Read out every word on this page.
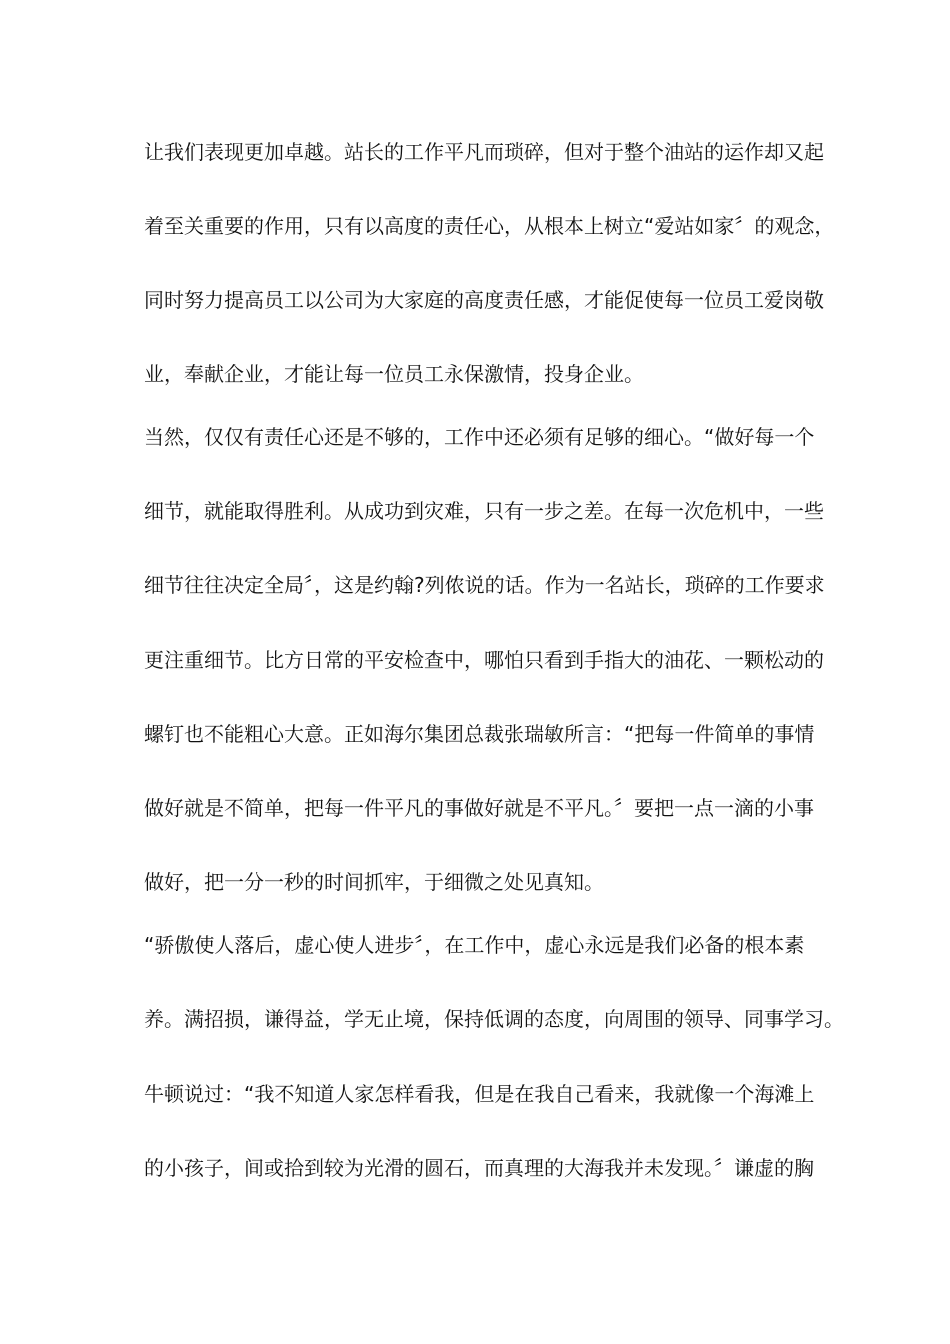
让我们表现更加卓越。站长的工作平凡而琐碎，但对于整个油站的运作却又起
着至关重要的作用，只有以高度的责任心，从根本上树立“爱站如家〞的观念，
同时努力提高员工以公司为大家庭的高度责任感，才能促使每一位员工爱岗敬
业，奉献企业，才能让每一位员工永保激情，投身企业。
当然，仅仅有责任心还是不够的，工作中还必须有足够的细心。“做好每一个
细节，就能取得胜利。从成功到灾难，只有一步之差。在每一次危机中，一些
细节往往决定全局〞，这是约翰?列侬说的话。作为一名站长，琐碎的工作要求
更注重细节。比方日常的平安检查中，哪怕只看到手指大的油花、一颗松动的
螺钉也不能粗心大意。正如海尔集团总裁张瑞敏所言：“把每一件简单的事情
做好就是不简单，把每一件平凡的事做好就是不平凡。〞要把一点一滴的小事
做好，把一分一秒的时间抓牢，于细微之处见真知。
“骄傲使人落后，虚心使人进步〞，在工作中，虚心永远是我们必备的根本素
养。满招损，谦得益，学无止境，保持低调的态度，向周围的领导、同事学习。
牛顿说过：“我不知道人家怎样看我，但是在我自己看来，我就像一个海滩上
的小孩子，间或拾到较为光滑的圆石，而真理的大海我并未发现。〞谦虚的胸
